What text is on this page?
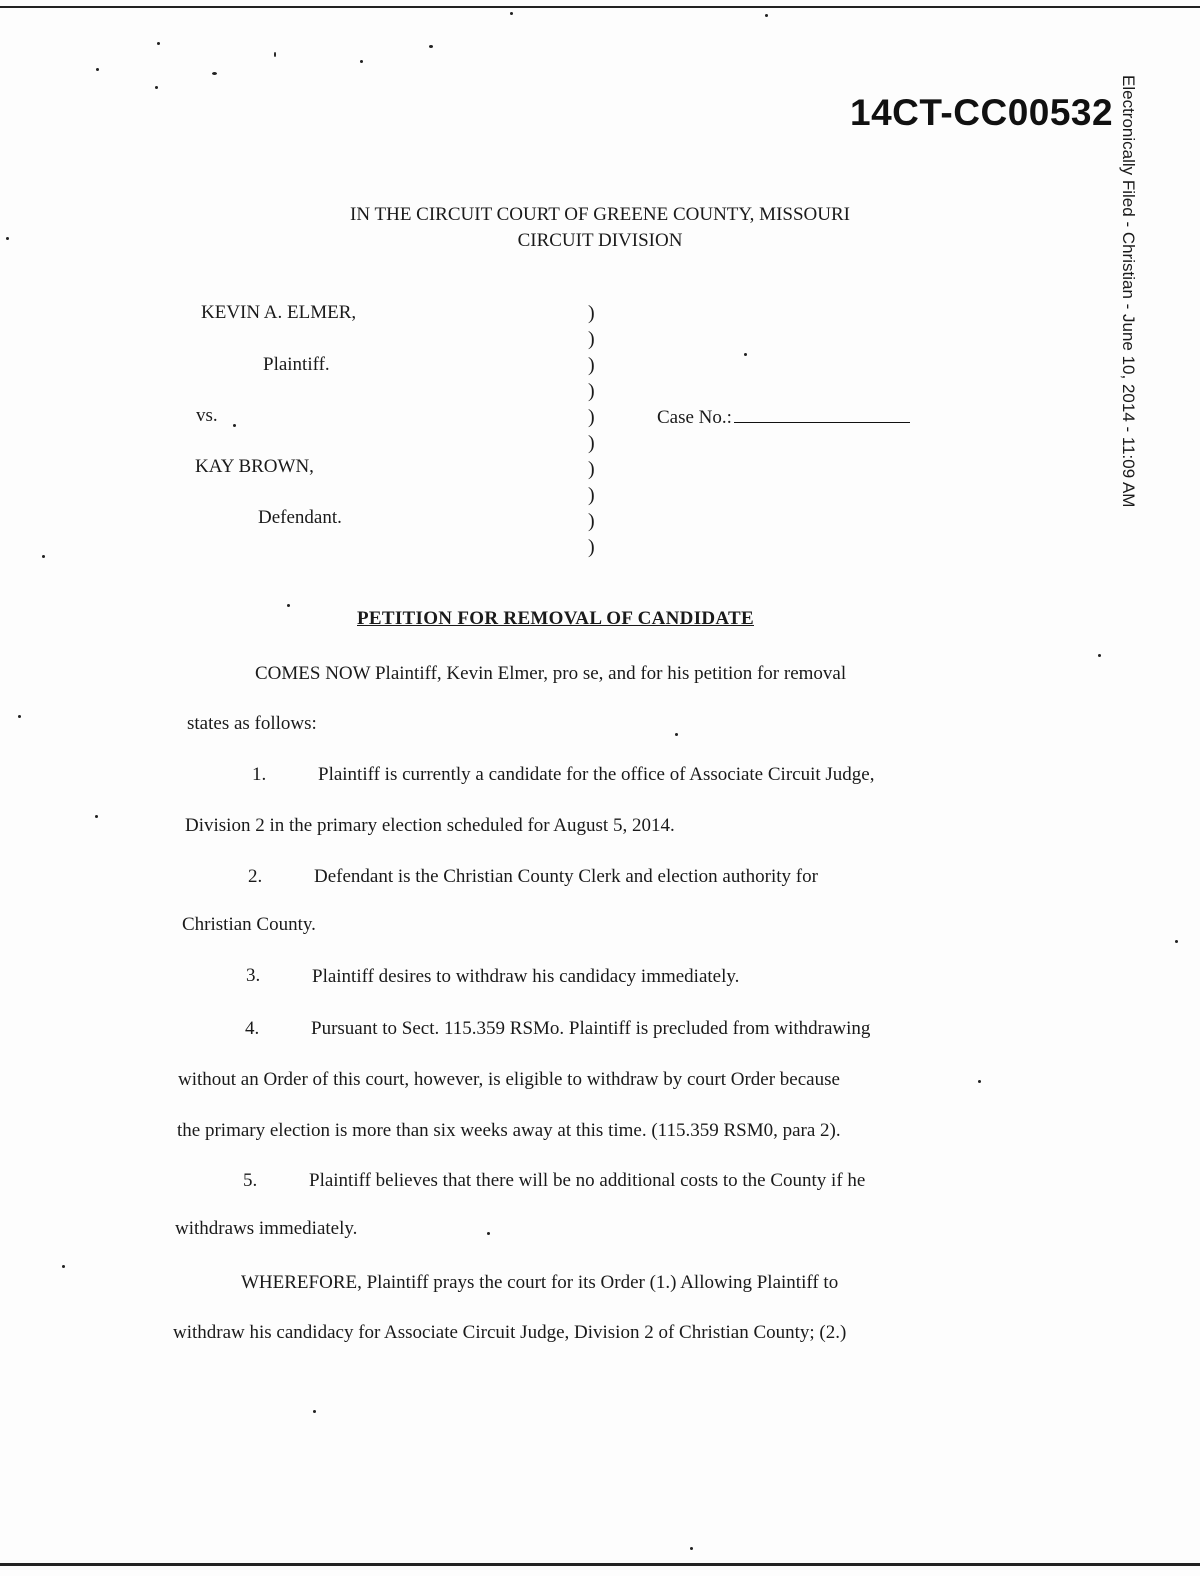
14CT-CC00532 Electronically Filed - Christian - June 10, 2014 - 11:09 AM
IN THE CIRCUIT COURT OF GREENE COUNTY, MISSOURI
CIRCUIT DIVISION
KEVIN A. ELMER,
Plaintiff.
vs.
KAY BROWN,
Defendant.
)
)
)
)
)
)
)
)
)
)
Case No.:
PETITION FOR REMOVAL OF CANDIDATE
COMES NOW Plaintiff, Kevin Elmer, pro se, and for his petition for removal
states as follows:
1.	Plaintiff is currently a candidate for the office of Associate Circuit Judge,
Division 2 in the primary election scheduled for August 5, 2014.
2.	Defendant is the Christian County Clerk and election authority for
Christian County.
3.	Plaintiff desires to withdraw his candidacy immediately.
4.	Pursuant to Sect. 115.359 RSMo. Plaintiff is precluded from withdrawing
without an Order of this court, however, is eligible to withdraw by court Order because
the primary election is more than six weeks away at this time. (115.359 RSM0, para 2).
5.	Plaintiff believes that there will be no additional costs to the County if he
withdraws immediately.
WHEREFORE, Plaintiff prays the court for its Order (1.) Allowing Plaintiff to
withdraw his candidacy for Associate Circuit Judge, Division 2 of Christian County; (2.)
